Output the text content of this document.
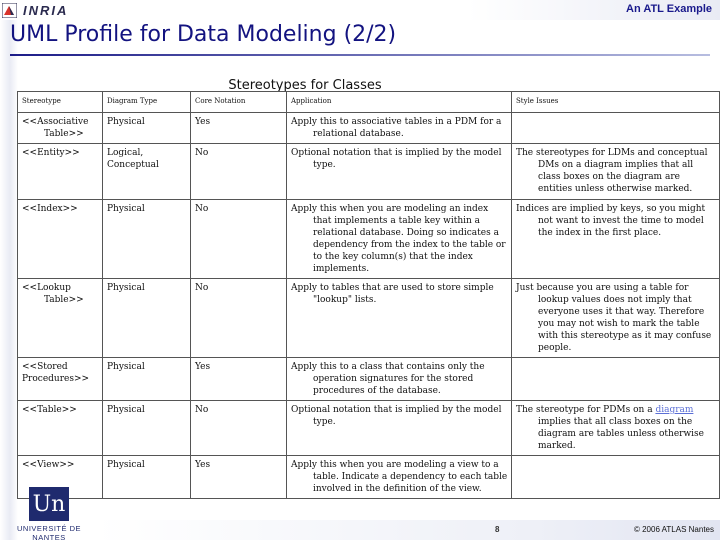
INRIA	An ATL Example
UML Profile for Data Modeling (2/2)
Stereotypes for Classes
Stereotype	Diagram Type	Core Notation	Application	Style Issues
<<Associative Table>>	Physical	Yes	Apply this to associative tables in a PDM for a relational database.	
<<Entity>>	Logical, Conceptual	No	Optional notation that is implied by the model type.	The stereotypes for LDMs and conceptual DMs on a diagram implies that all class boxes on the diagram are entities unless otherwise marked.
<<Index>>	Physical	No	Apply this when you are modeling an index that implements a table key within a relational database. Doing so indicates a dependency from the index to the table or to the key column(s) that the index implements.	Indices are implied by keys, so you might not want to invest the time to model the index in the first place.
<<Lookup Table>>	Physical	No	Apply to tables that are used to store simple "lookup" lists.	Just because you are using a table for lookup values does not imply that everyone uses it that way. Therefore you may not wish to mark the table with this stereotype as it may confuse people.
<<Stored Procedures>>	Physical	Yes	Apply this to a class that contains only the operation signatures for the stored procedures of the database.	
<<Table>>	Physical	No	Optional notation that is implied by the model type.	The stereotype for PDMs on a diagram implies that all class boxes on the diagram are tables unless otherwise marked.
<<View>>	Physical	Yes	Apply this when you are modeling a view to a table. Indicate a dependency to each table involved in the definition of the view.	
Un
UNIVERSITÉ DE NANTES
8	© 2006 ATLAS Nantes
